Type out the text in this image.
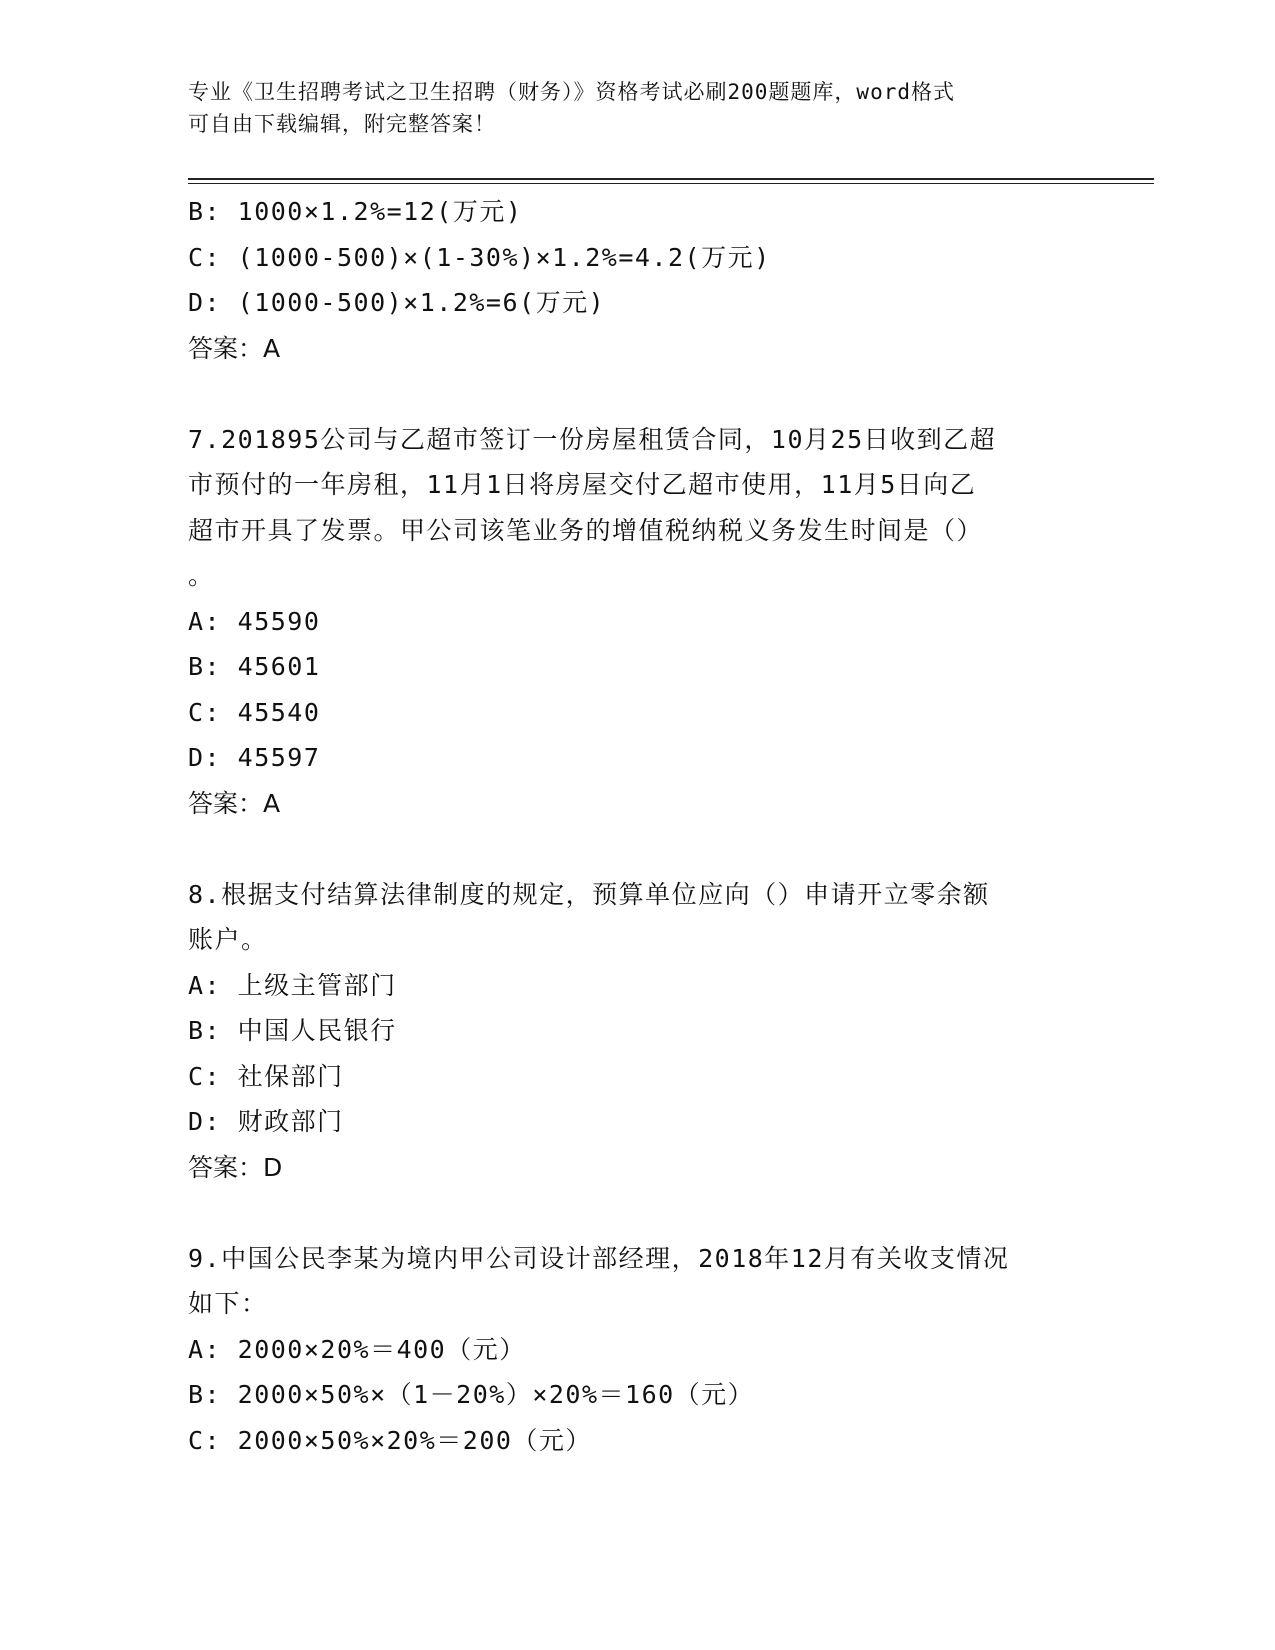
专业《卫生招聘考试之卫生招聘（财务）》资格考试必刷200题题库，word格式
可自由下载编辑，附完整答案！
B: 1000×1.2%=12(万元)
C: (1000-500)×(1-30%)×1.2%=4.2(万元)
D: (1000-500)×1.2%=6(万元)
答案：A
7.201895公司与乙超市签订一份房屋租赁合同，10月25日收到乙超
市预付的一年房租，11月1日将房屋交付乙超市使用，11月5日向乙
超市开具了发票。甲公司该笔业务的增值税纳税义务发生时间是（）
。
A: 45590
B: 45601
C: 45540
D: 45597
答案：A
8.根据支付结算法律制度的规定，预算单位应向（）申请开立零余额
账户。
A: 上级主管部门
B: 中国人民银行
C: 社保部门
D: 财政部门
答案：D
9.中国公民李某为境内甲公司设计部经理，2018年12月有关收支情况
如下：
A: 2000×20%＝400（元）
B: 2000×50%×（1－20%）×20%＝160（元）
C: 2000×50%×20%＝200（元）
